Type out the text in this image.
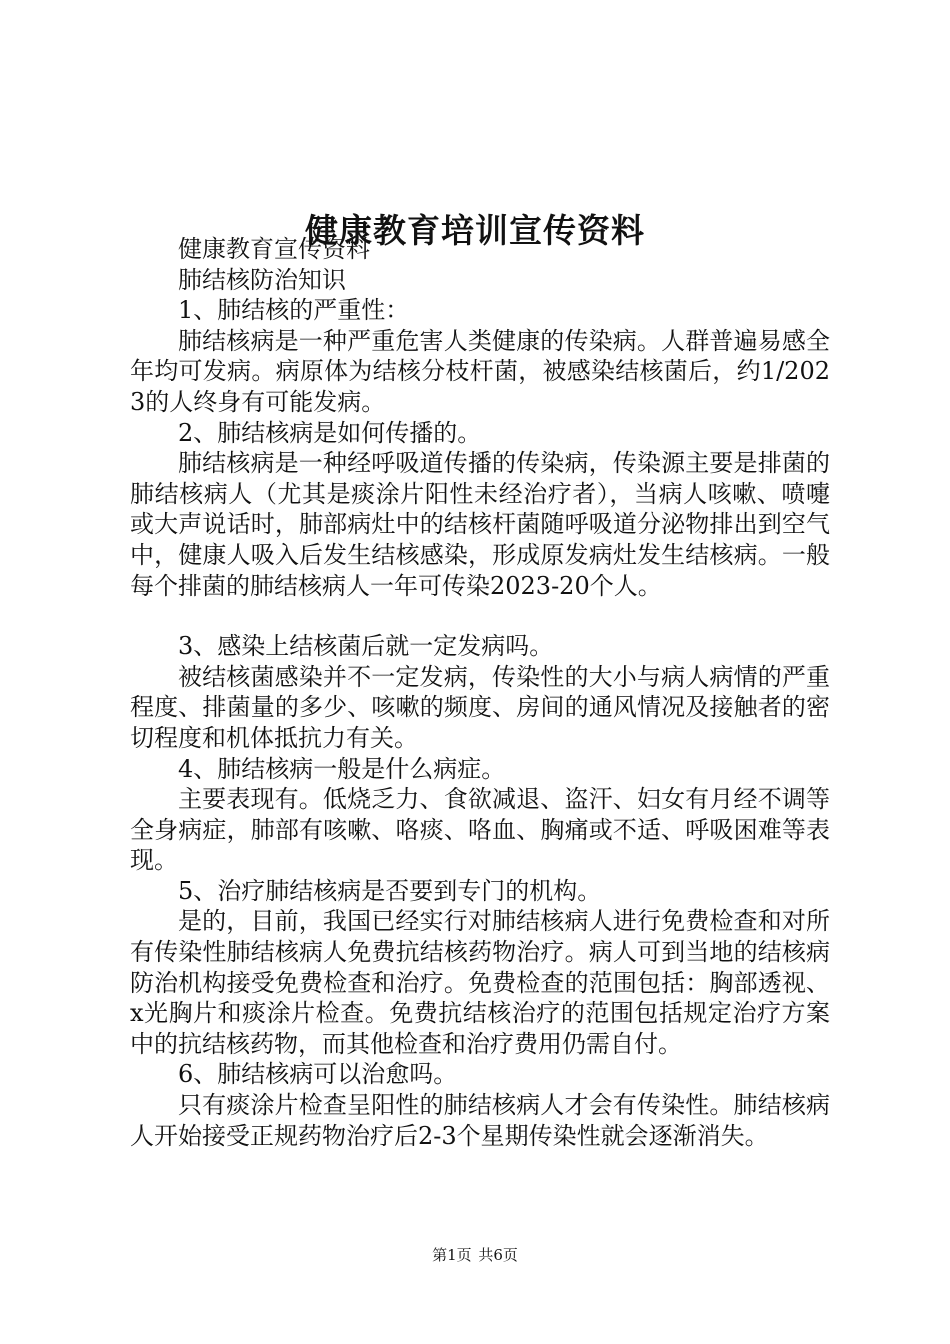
健康教育培训宣传资料

健康教育宣传资料

肺结核防治知识

1、肺结核的严重性：

肺结核病是一种严重危害人类健康的传染病。人群普遍易感全年均可发病。病原体为结核分枝杆菌，被感染结核菌后，约1/2023的人终身有可能发病。

2、肺结核病是如何传播的。

肺结核病是一种经呼吸道传播的传染病，传染源主要是排菌的肺结核病人（尤其是痰涂片阳性未经治疗者），当病人咳嗽、喷嚏或大声说话时，肺部病灶中的结核杆菌随呼吸道分泌物排出到空气中，健康人吸入后发生结核感染，形成原发病灶发生结核病。一般每个排菌的肺结核病人一年可传染2023-20个人。

3、感染上结核菌后就一定发病吗。

被结核菌感染并不一定发病，传染性的大小与病人病情的严重程度、排菌量的多少、咳嗽的频度、房间的通风情况及接触者的密切程度和机体抵抗力有关。

4、肺结核病一般是什么病症。

主要表现有。低烧乏力、食欲减退、盗汗、妇女有月经不调等全身病症，肺部有咳嗽、咯痰、咯血、胸痛或不适、呼吸困难等表现。

5、治疗肺结核病是否要到专门的机构。

是的，目前，我国已经实行对肺结核病人进行免费检查和对所有传染性肺结核病人免费抗结核药物治疗。病人可到当地的结核病防治机构接受免费检查和治疗。免费检查的范围包括：胸部透视、x光胸片和痰涂片检查。免费抗结核治疗的范围包括规定治疗方案中的抗结核药物，而其他检查和治疗费用仍需自付。

6、肺结核病可以治愈吗。

只有痰涂片检查呈阳性的肺结核病人才会有传染性。肺结核病人开始接受正规药物治疗后2-3个星期传染性就会逐渐消失。

第1页 共6页
